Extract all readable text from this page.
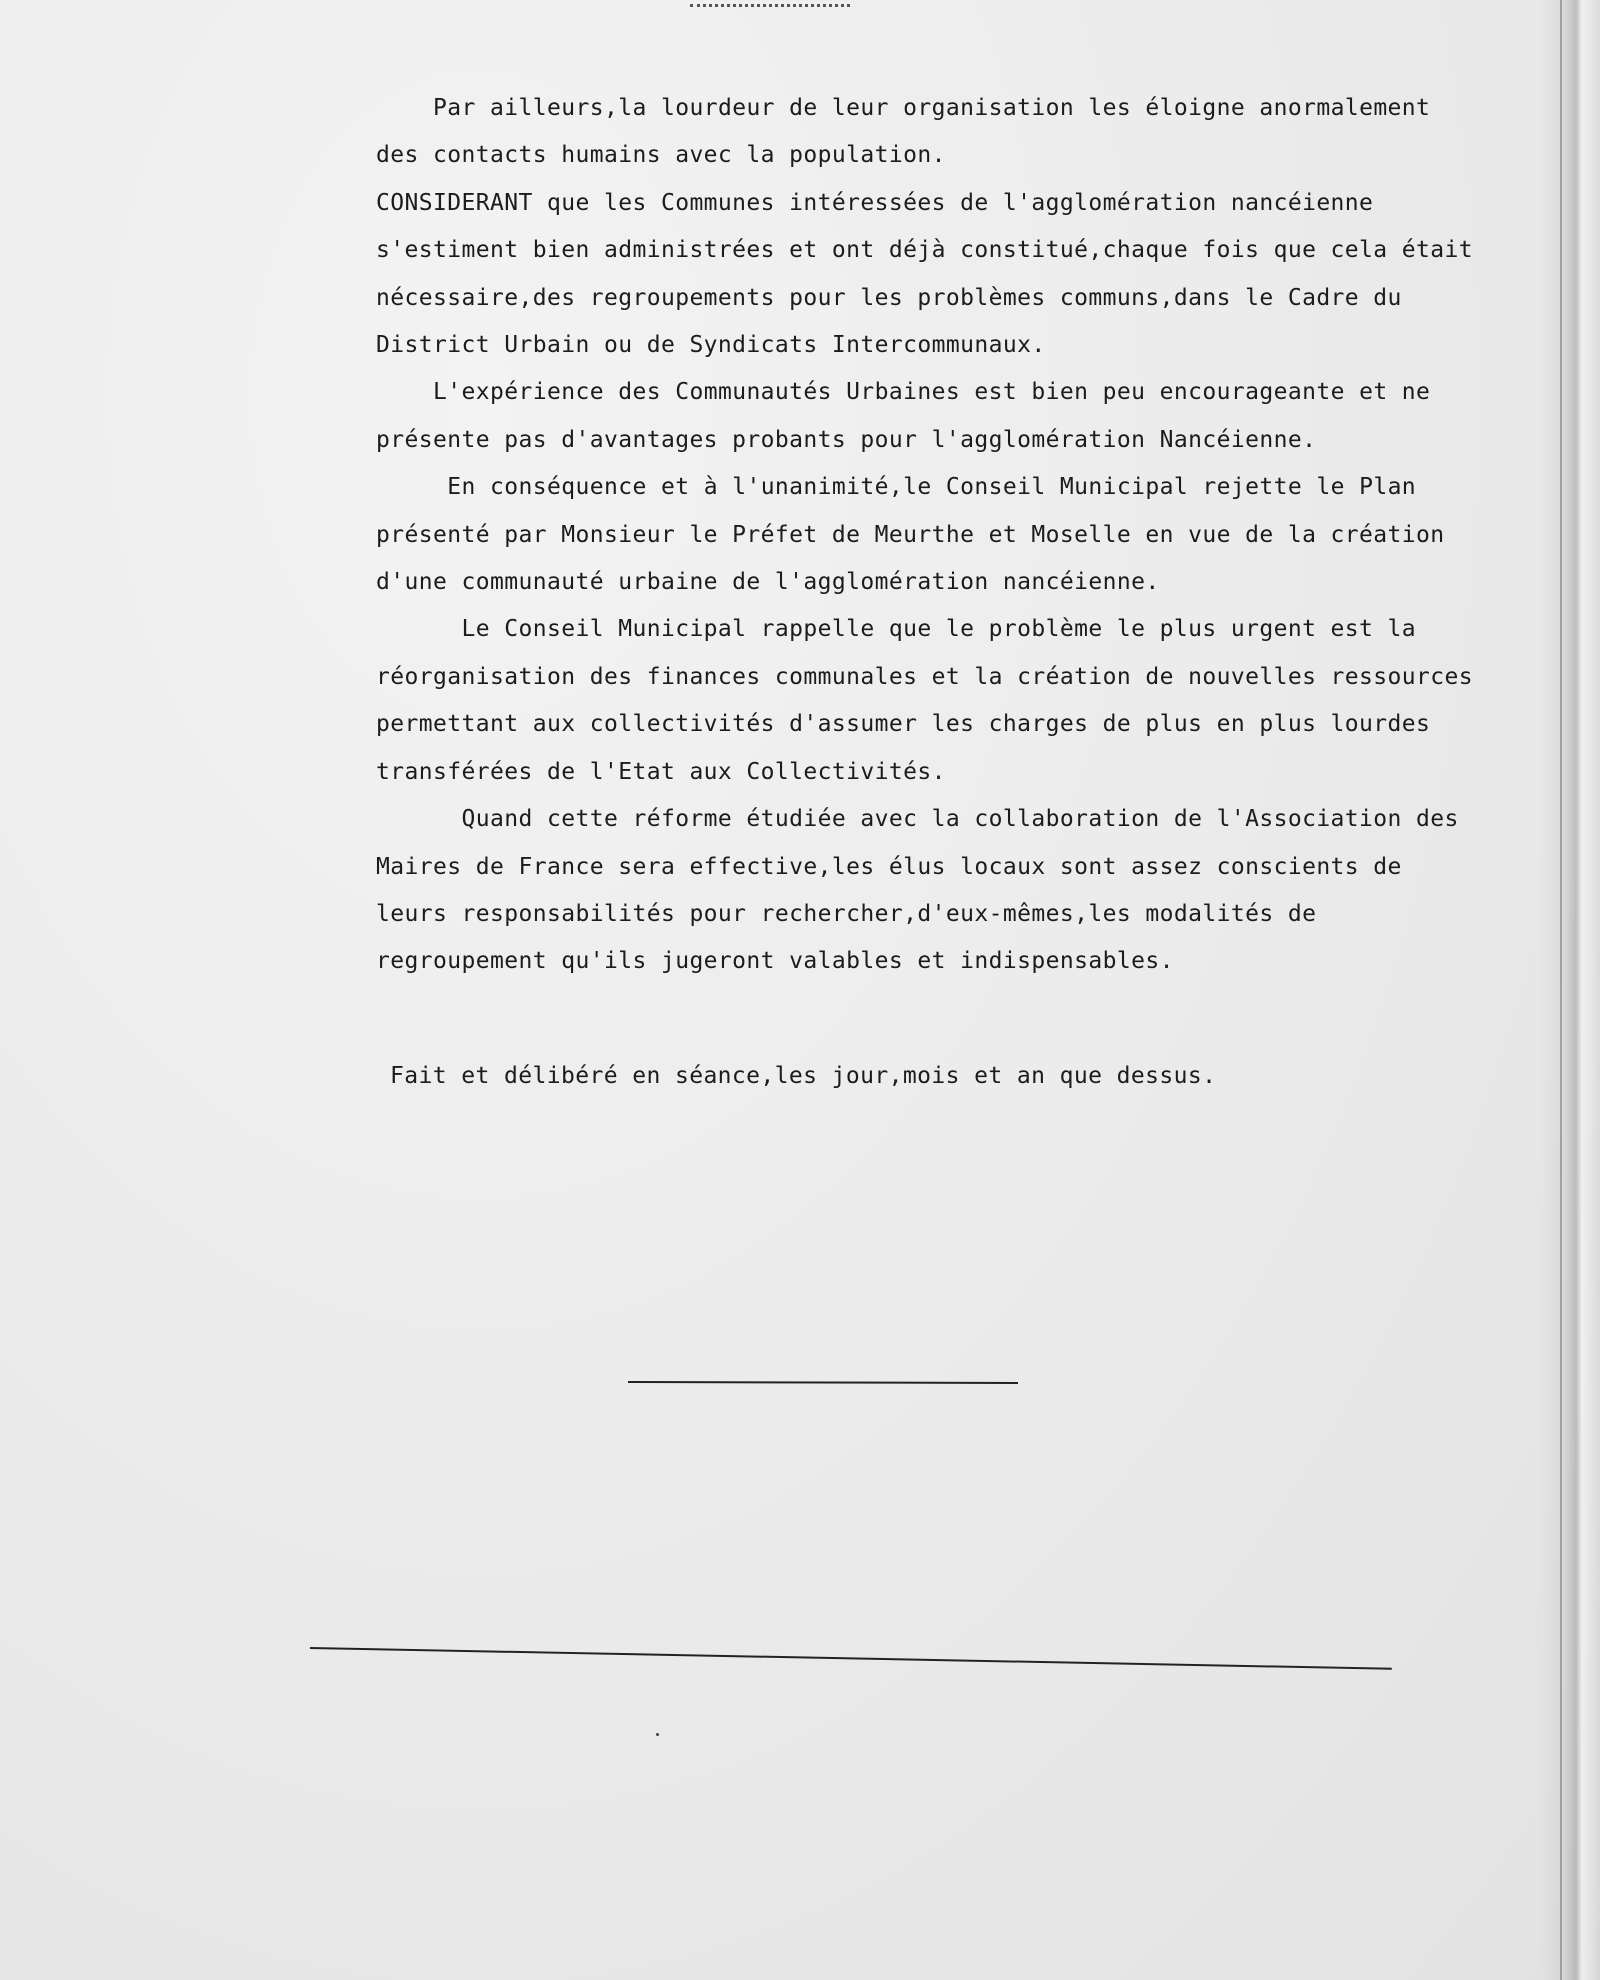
Par ailleurs,la lourdeur de leur organisation les éloigne anormalement
des contacts humains avec la population.

CONSIDERANT que les Communes intéressées de l'agglomération nancéienne
s'estiment bien administrées et ont déjà constitué,chaque fois que cela était
nécessaire,des regroupements pour les problèmes communs,dans le Cadre du
District Urbain ou de Syndicats Intercommunaux.

L'expérience des Communautés Urbaines est bien peu encourageante et ne
présente pas d'avantages probants pour l'agglomération Nancéienne.

En conséquence et à l'unanimité,le Conseil Municipal rejette le Plan
présenté par Monsieur le Préfet de Meurthe et Moselle en vue de la création
d'une communauté urbaine de l'agglomération nancéienne.

Le Conseil Municipal rappelle que le problème le plus urgent est la
réorganisation des finances communales et la création de nouvelles ressources
permettant aux collectivités d'assumer les charges de plus en plus lourdes
transférées de l'Etat aux Collectivités.

Quand cette réforme étudiée avec la collaboration de l'Association des
Maires de France sera effective,les élus locaux sont assez conscients de
leurs responsabilités pour rechercher,d'eux-mêmes,les modalités de
regroupement qu'ils jugeront valables et indispensables.

Fait et délibéré en séance,les jour,mois et an que dessus.
